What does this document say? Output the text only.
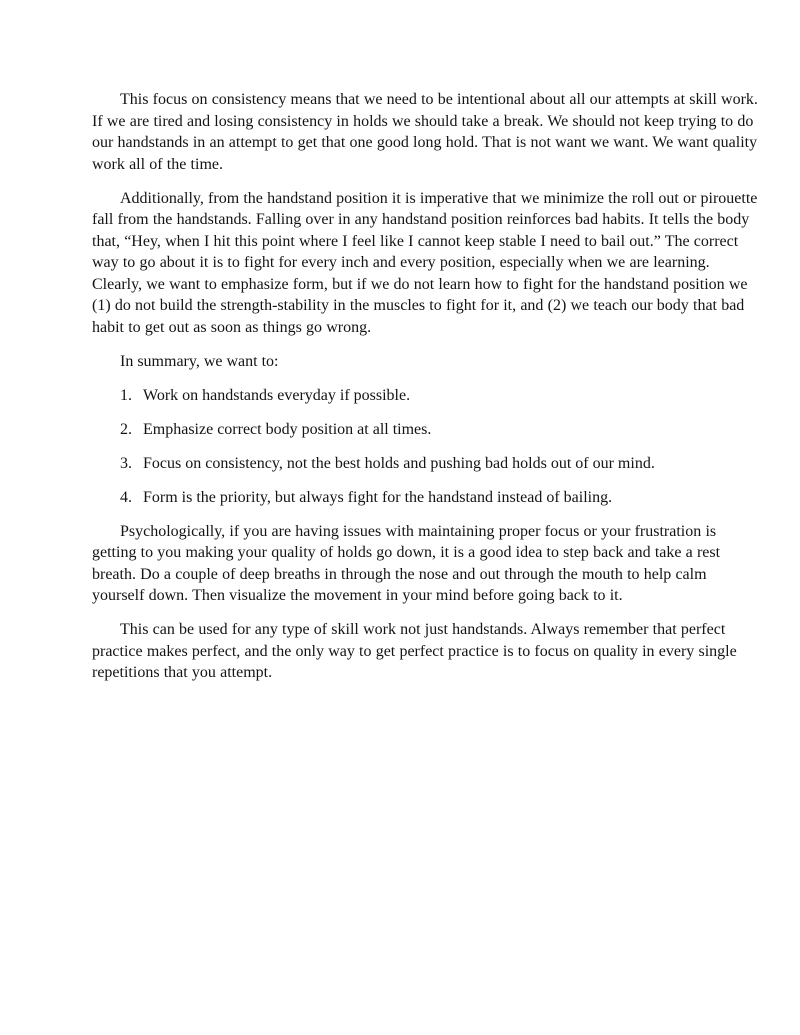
This focus on consistency means that we need to be intentional about all our attempts at skill work. If we are tired and losing consistency in holds we should take a break. We should not keep trying to do our handstands in an attempt to get that one good long hold. That is not want we want. We want quality work all of the time.

Additionally, from the handstand position it is imperative that we minimize the roll out or pirouette fall from the handstands. Falling over in any handstand position reinforces bad habits. It tells the body that, “Hey, when I hit this point where I feel like I cannot keep stable I need to bail out.” The correct way to go about it is to fight for every inch and every position, especially when we are learning. Clearly, we want to emphasize form, but if we do not learn how to fight for the handstand position we (1) do not build the strength-stability in the muscles to fight for it, and (2) we teach our body that bad habit to get out as soon as things go wrong.

In summary, we want to:

1. Work on handstands everyday if possible.
2. Emphasize correct body position at all times.
3. Focus on consistency, not the best holds and pushing bad holds out of our mind.
4. Form is the priority, but always fight for the handstand instead of bailing.

Psychologically, if you are having issues with maintaining proper focus or your frustration is getting to you making your quality of holds go down, it is a good idea to step back and take a rest breath. Do a couple of deep breaths in through the nose and out through the mouth to help calm yourself down. Then visualize the movement in your mind before going back to it.

This can be used for any type of skill work not just handstands. Always remember that perfect practice makes perfect, and the only way to get perfect practice is to focus on quality in every single repetitions that you attempt.
